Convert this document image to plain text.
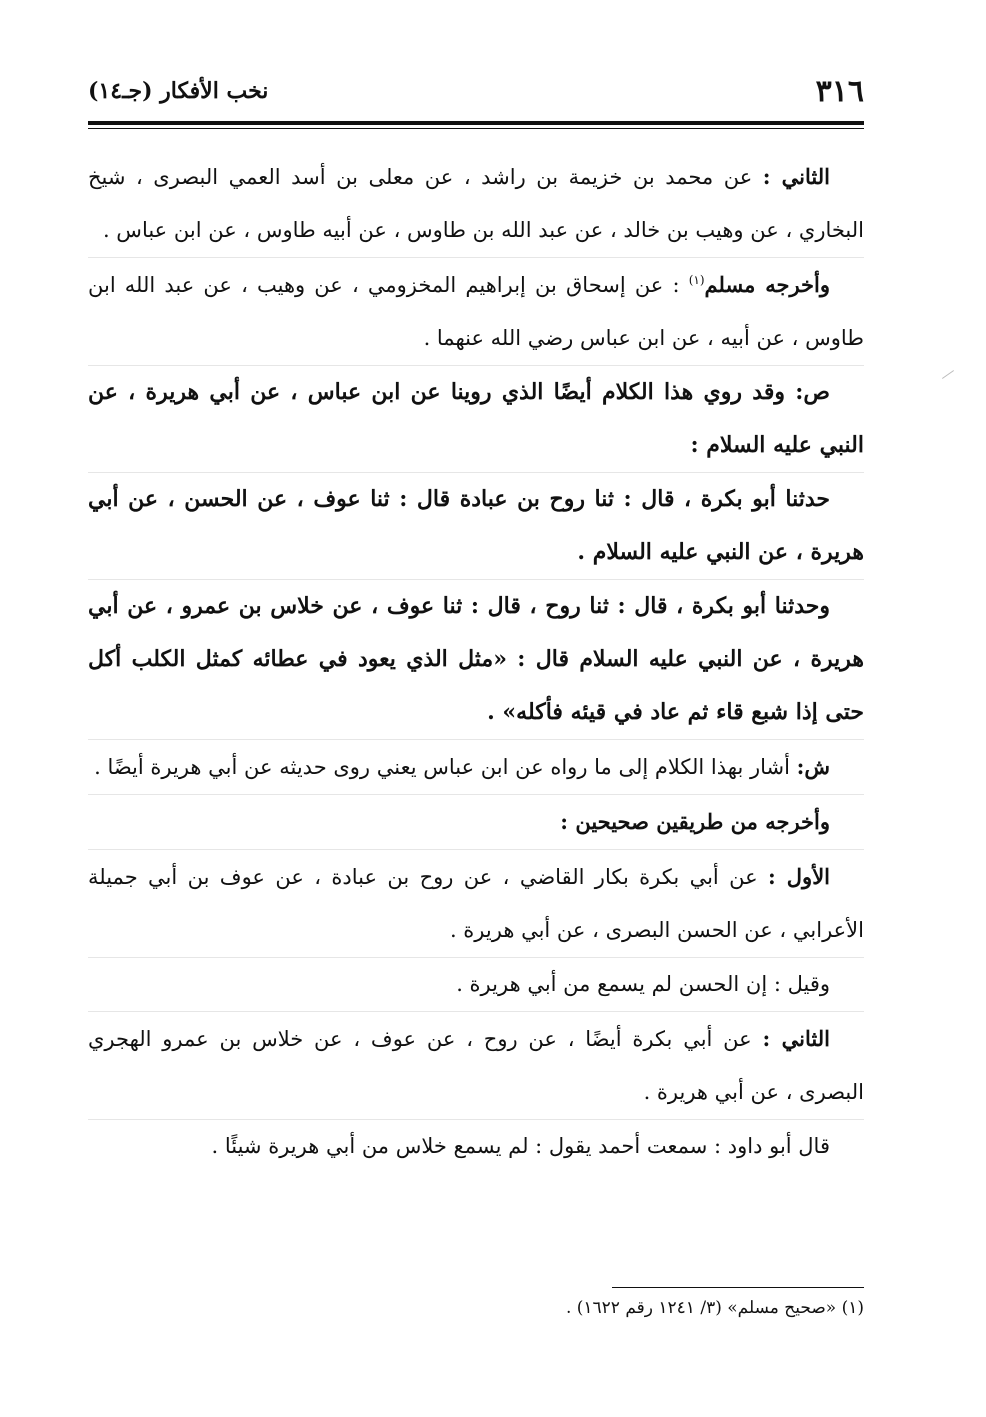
٣١٦
نخب الأفكار (جـ١٤)

الثاني : عن محمد بن خزيمة بن راشد ، عن معلى بن أسد العمي البصرى ، شيخ البخاري ، عن وهيب بن خالد ، عن عبد الله بن طاوس ، عن أبيه طاوس ، عن ابن عباس .

وأخرجه مسلم$^{(١)}$ : عن إسحاق بن إبراهيم المخزومي ، عن وهيب ، عن عبد الله ابن طاوس ، عن أبيه ، عن ابن عباس رضي الله عنهما .

ص: وقد روي هذا الكلام أيضًا الذي روينا عن ابن عباس ، عن أبي هريرة ، عن النبي عليه السلام :

حدثنا أبو بكرة ، قال : ثنا روح بن عبادة قال : ثنا عوف ، عن الحسن ، عن أبي هريرة ، عن النبي عليه السلام .

وحدثنا أبو بكرة ، قال : ثنا روح ، قال : ثنا عوف ، عن خلاس بن عمرو ، عن أبي هريرة ، عن النبي عليه السلام قال : «مثل الذي يعود في عطائه كمثل الكلب أكل حتى إذا شبع قاء ثم عاد في قيئه فأكله» .

ش: أشار بهذا الكلام إلى ما رواه عن ابن عباس يعني روى حديثه عن أبي هريرة أيضًا .

وأخرجه من طريقين صحيحين :

الأول : عن أبي بكرة بكار القاضي ، عن روح بن عبادة ، عن عوف بن أبي جميلة الأعرابي ، عن الحسن البصرى ، عن أبي هريرة .

وقيل : إن الحسن لم يسمع من أبي هريرة .

الثاني : عن أبي بكرة أيضًا ، عن روح ، عن عوف ، عن خلاس بن عمرو الهجري البصرى ، عن أبي هريرة .

قال أبو داود : سمعت أحمد يقول : لم يسمع خلاس من أبي هريرة شيئًا .

(١) «صحيح مسلم» (٣/ ١٢٤١ رقم ١٦٢٢) .
